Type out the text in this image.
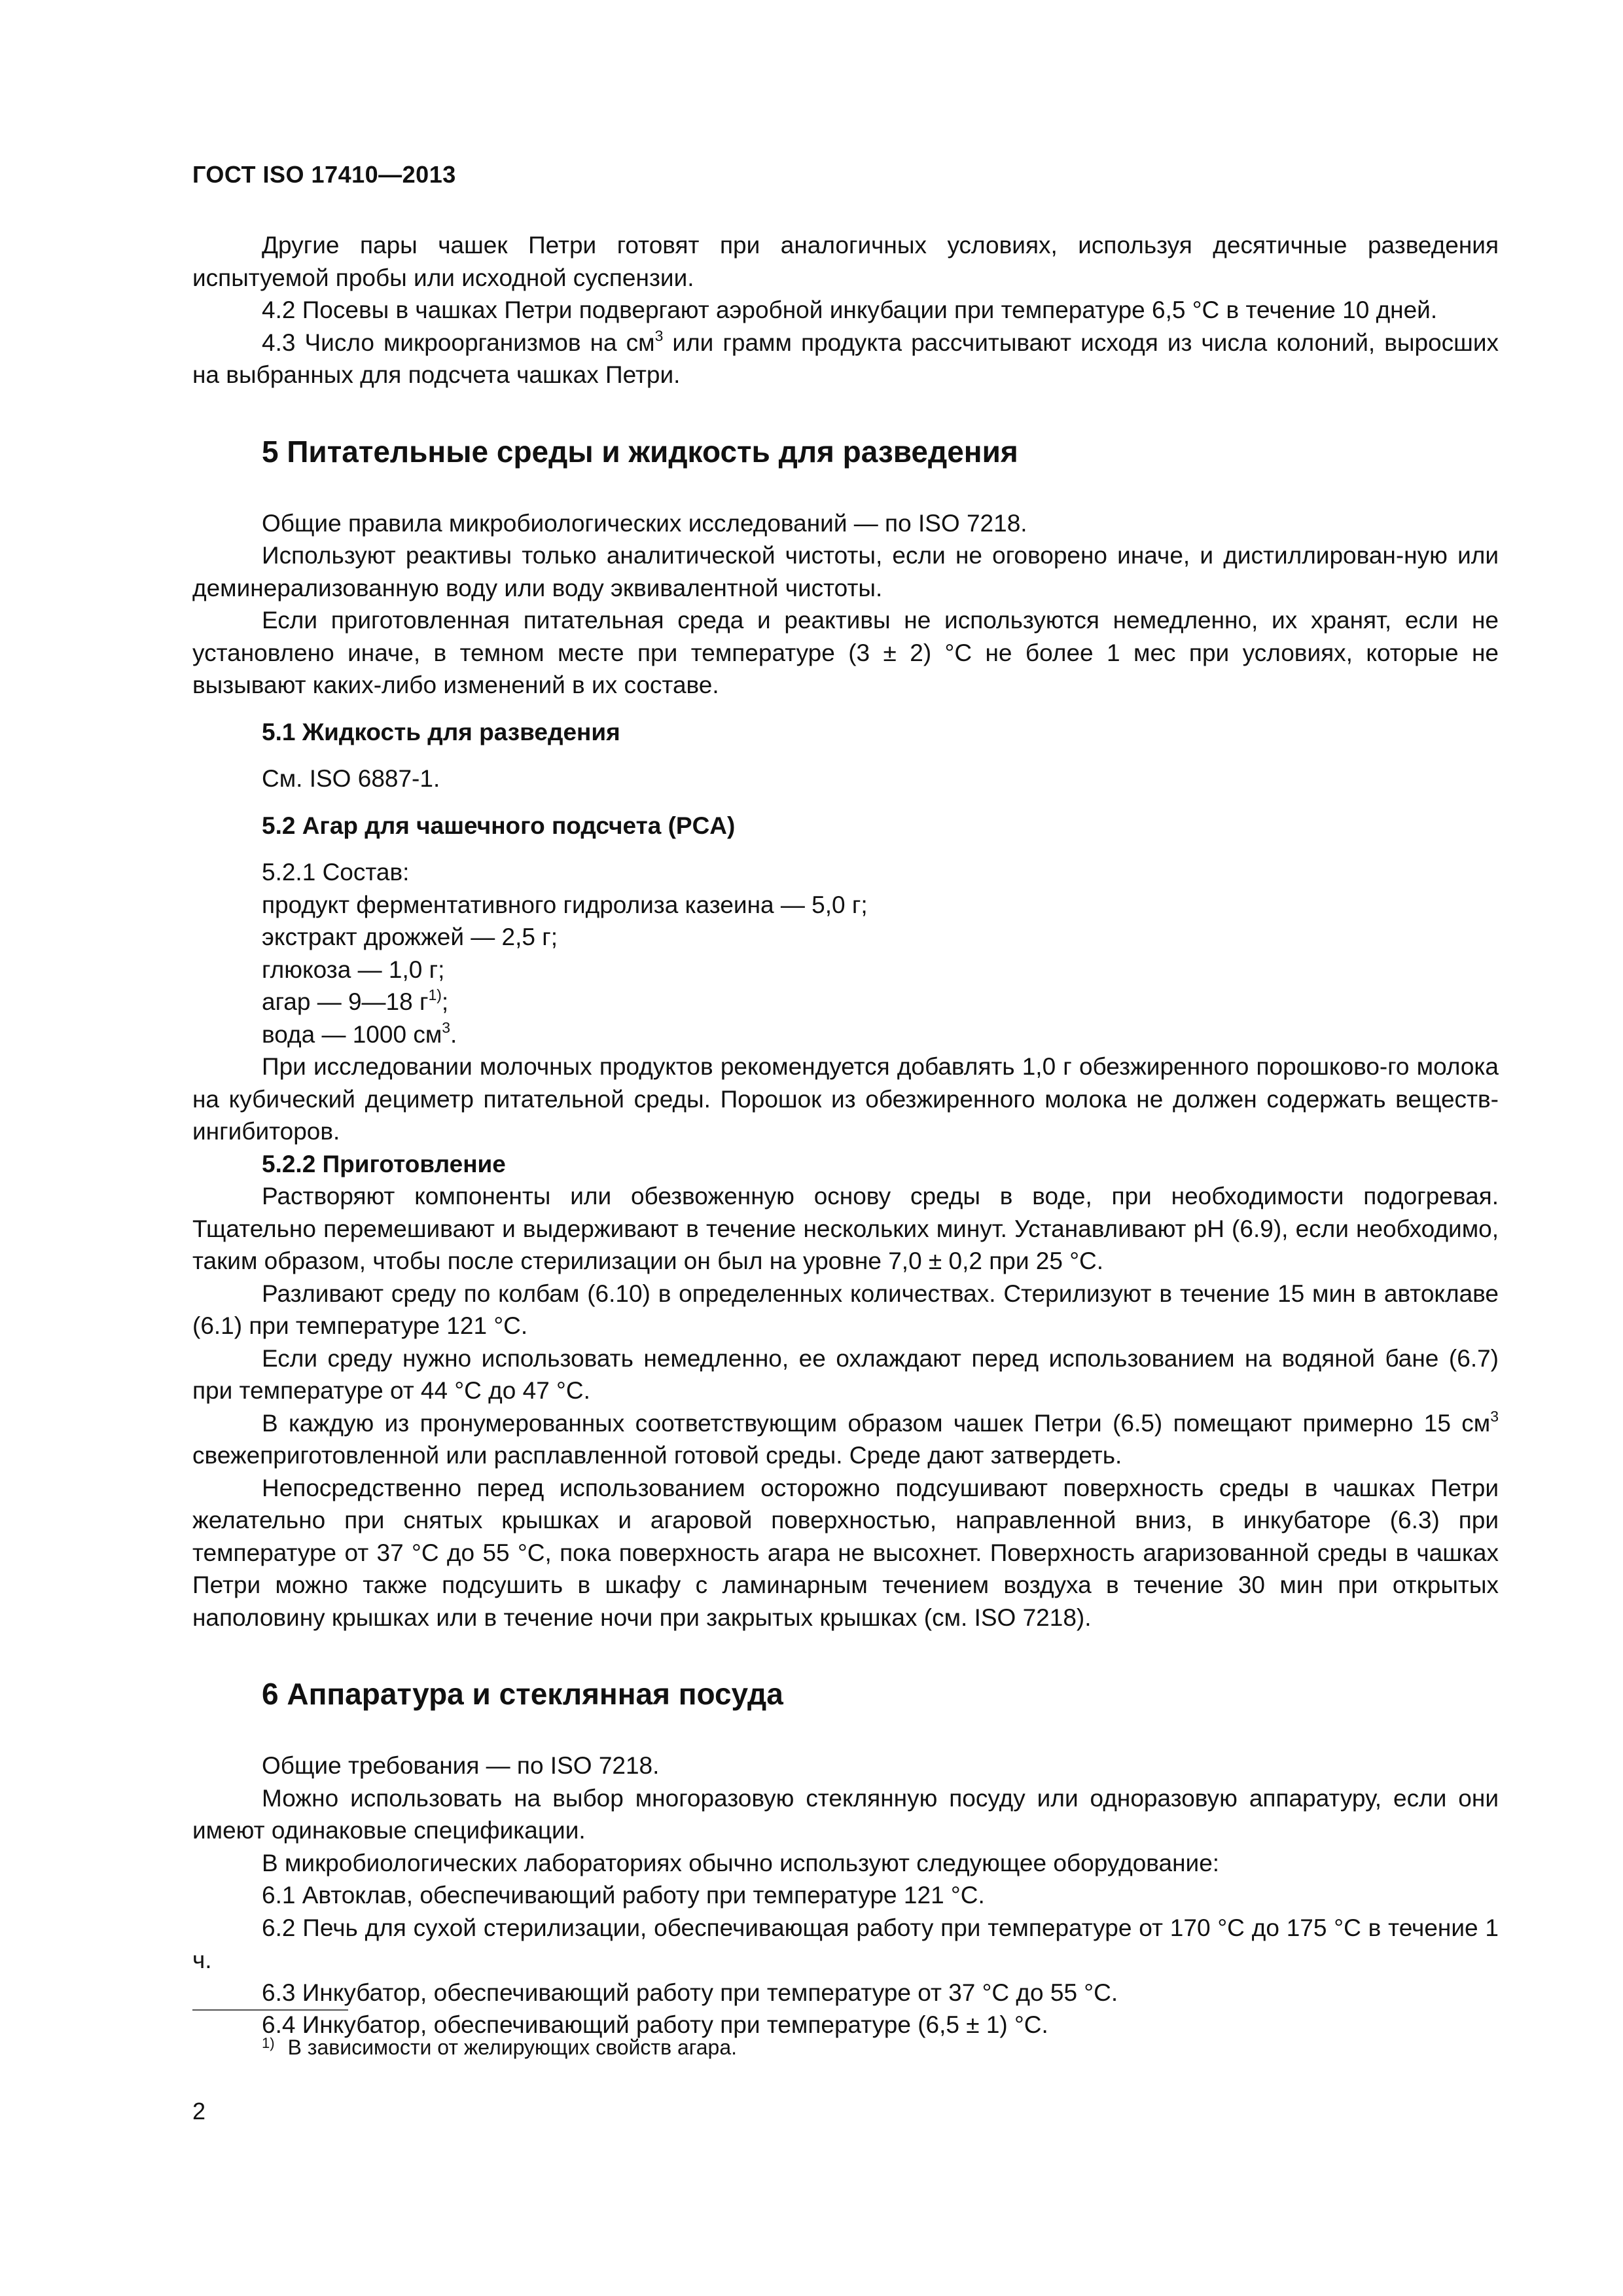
ГОСТ ISO 17410—2013

Другие пары чашек Петри готовят при аналогичных условиях, используя десятичные разведения испытуемой пробы или исходной суспензии.

4.2 Посевы в чашках Петри подвергают аэробной инкубации при температуре 6,5 °С в течение 10 дней.

4.3 Число микроорганизмов на $см^3$ или грамм продукта рассчитывают исходя из числа колоний, выросших на выбранных для подсчета чашках Петри.

5 Питательные среды и жидкость для разведения

Общие правила микробиологических исследований — по ISO 7218.

Используют реактивы только аналитической чистоты, если не оговорено иначе, и дистиллирован-ную или деминерализованную воду или воду эквивалентной чистоты.

Если приготовленная питательная среда и реактивы не используются немедленно, их хранят, если не установлено иначе, в темном месте при температуре (3 ± 2) °С не более 1 мес при условиях, которые не вызывают каких-либо изменений в их составе.

5.1 Жидкость для разведения

См. ISO 6887-1.

5.2 Агар для чашечного подсчета (PCA)

5.2.1 Состав:

продукт ферментативного гидролиза казеина — 5,0 г;

экстракт дрожжей — 2,5 г;

глюкоза — 1,0 г;

агар — 9—18 $г^{1)}$;

вода — 1000 $см^3$.

При исследовании молочных продуктов рекомендуется добавлять 1,0 г обезжиренного порошково-го молока на кубический дециметр питательной среды. Порошок из обезжиренного молока не должен содержать веществ-ингибиторов.

5.2.2 Приготовление

Растворяют компоненты или обезвоженную основу среды в воде, при необходимости подогревая. Тщательно перемешивают и выдерживают в течение нескольких минут. Устанавливают pH (6.9), если необходимо, таким образом, чтобы после стерилизации он был на уровне 7,0 ± 0,2 при 25 °С.

Разливают среду по колбам (6.10) в определенных количествах. Стерилизуют в течение 15 мин в автоклаве (6.1) при температуре 121 °С.

Если среду нужно использовать немедленно, ее охлаждают перед использованием на водяной бане (6.7) при температуре от 44 °С до 47 °С.

В каждую из пронумерованных соответствующим образом чашек Петри (6.5) помещают примерно 15 $см^3$ свежеприготовленной или расплавленной готовой среды. Среде дают затвердеть.

Непосредственно перед использованием осторожно подсушивают поверхность среды в чашках Петри желательно при снятых крышках и агаровой поверхностью, направленной вниз, в инкубаторе (6.3) при температуре от 37 °С до 55 °С, пока поверхность агара не высохнет. Поверхность агаризованной среды в чашках Петри можно также подсушить в шкафу с ламинарным течением воздуха в течение 30 мин при открытых наполовину крышках или в течение ночи при закрытых крышках (см. ISO 7218).

6 Аппаратура и стеклянная посуда

Общие требования — по ISO 7218.

Можно использовать на выбор многоразовую стеклянную посуду или одноразовую аппаратуру, если они имеют одинаковые спецификации.

В микробиологических лабораториях обычно используют следующее оборудование:

6.1 Автоклав, обеспечивающий работу при температуре 121 °С.

6.2 Печь для сухой стерилизации, обеспечивающая работу при температуре от 170 °С до 175 °С в течение 1 ч.

6.3 Инкубатор, обеспечивающий работу при температуре от 37 °С до 55 °С.

6.4 Инкубатор, обеспечивающий работу при температуре (6,5 ± 1) °С.

$^{1)}$ В зависимости от желирующих свойств агара.
2
